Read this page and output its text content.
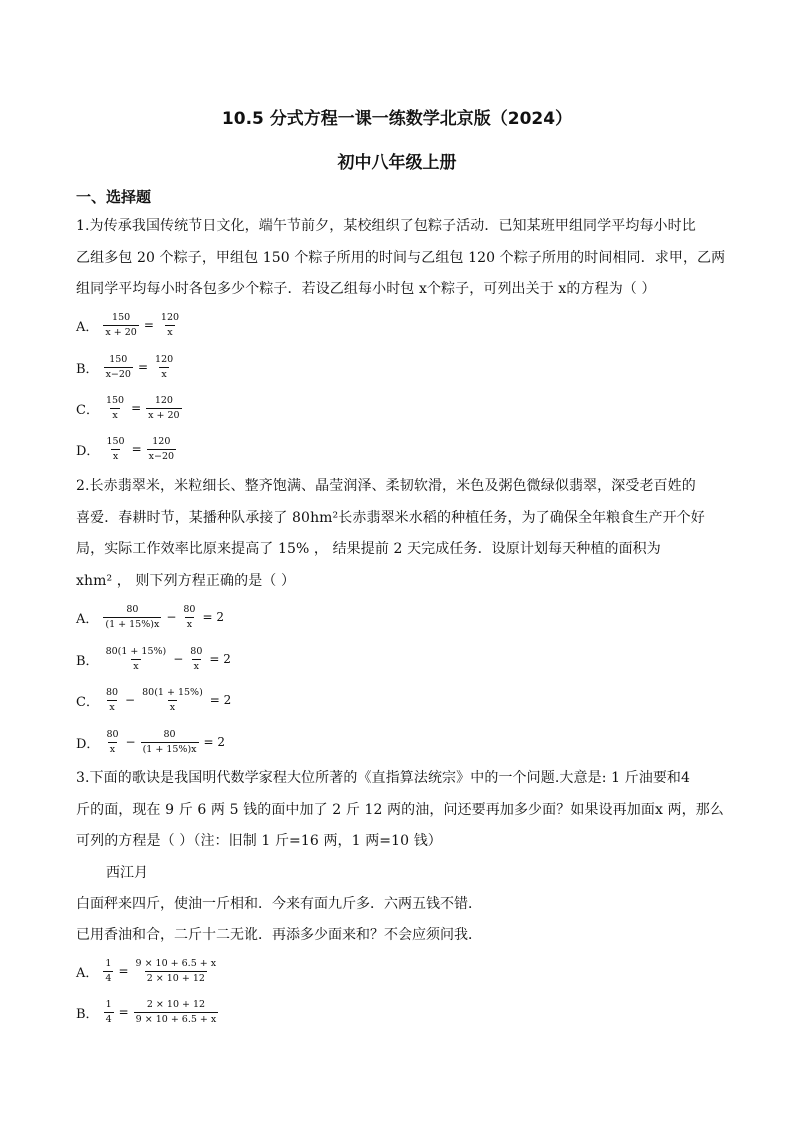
10.5 分式方程一课一练数学北京版（2024）
初中八年级上册
一、选择题
1.为传承我国传统节日文化，端午节前夕，某校组织了包粽子活动．已知某班甲组同学平均每小时比
乙组多包 20 个粽子，甲组包 150 个粽子所用的时间与乙组包 120 个粽子所用的时间相同．求甲，乙两
组同学平均每小时各包多少个粽子．若设乙组每小时包 x个粽子，可列出关于 x的方程为（ ）
A． $\frac{150}{x + 20} = \frac{120}{x}$
B． $\frac{150}{x-20} = \frac{120}{x}$
C． $\frac{150}{x} = \frac{120}{x + 20}$
D． $\frac{150}{x} = \frac{120}{x-20}$
2.长赤翡翠米，米粒细长、整齐饱满、晶莹润泽、柔韧软滑，米色及粥色微绿似翡翠，深受老百姓的
喜爱．春耕时节，某播种队承接了 80hm²长赤翡翠米水稻的种植任务，为了确保全年粮食生产开个好
局，实际工作效率比原来提高了 15% ， 结果提前 2 天完成任务．设原计划每天种植的面积为
xhm² ， 则下列方程正确的是（ ）
A． $\frac{80}{(1 + 15\%)x} - \frac{80}{x} = 2$
B． $\frac{80(1 + 15\%)}{x} - \frac{80}{x} = 2$
C． $\frac{80}{x} - \frac{80(1 + 15\%)}{x} = 2$
D． $\frac{80}{x} - \frac{80}{(1 + 15\%)x} = 2$
3.下面的歌诀是我国明代数学家程大位所著的《直指算法统宗》中的一个问题.大意是: 1 斤油要和4
斤的面，现在 9 斤 6 两 5 钱的面中加了 2 斤 12 两的油，问还要再加多少面？如果设再加面x 两，那么
可列的方程是（ ）（注：旧制 1 斤=16 两，1 两=10 钱）
西江月
白面秤来四斤，使油一斤相和．今来有面九斤多．六两五钱不错．
已用香油和合，二斤十二无讹．再添多少面来和？不会应须问我．
A． $\frac{1}{4} = \frac{9 \times 10 + 6.5 + x}{2 \times 10 + 12}$
B． $\frac{1}{4} = \frac{2 \times 10 + 12}{9 \times 10 + 6.5 + x}$
